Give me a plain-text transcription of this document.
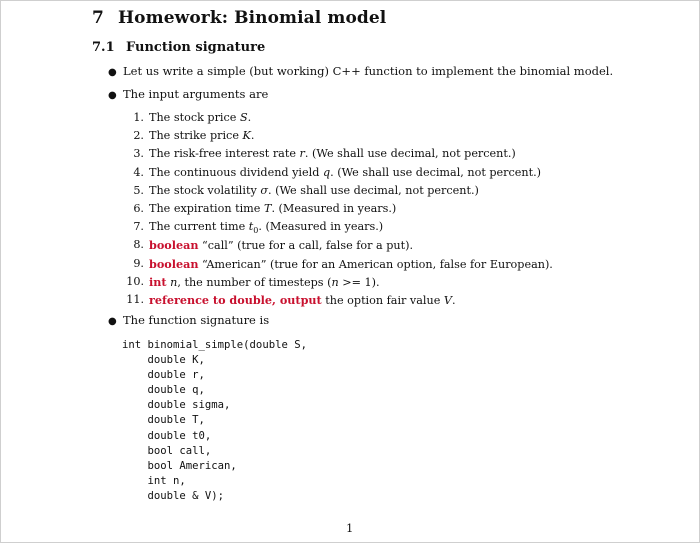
7 Homework: Binomial model
7.1 Function signature
● Let us write a simple (but working) C++ function to implement the binomial model.
● The input arguments are
1. The stock price S.
2. The strike price K.
3. The risk-free interest rate r. (We shall use decimal, not percent.)
4. The continuous dividend yield q. (We shall use decimal, not percent.)
5. The stock volatility σ. (We shall use decimal, not percent.)
6. The expiration time T. (Measured in years.)
7. The current time $t_0$. (Measured in years.)
8. boolean “call” (true for a call, false for a put).
9. boolean “American” (true for an American option, false for European).
10. int n, the number of timesteps (n >= 1).
11. reference to double, output the option fair value V.
● The function signature is
int binomial_simple(double S,
double K,
double r,
double q,
double sigma,
double T,
double t0,
bool call,
bool American,
int n,
double & V);
1
